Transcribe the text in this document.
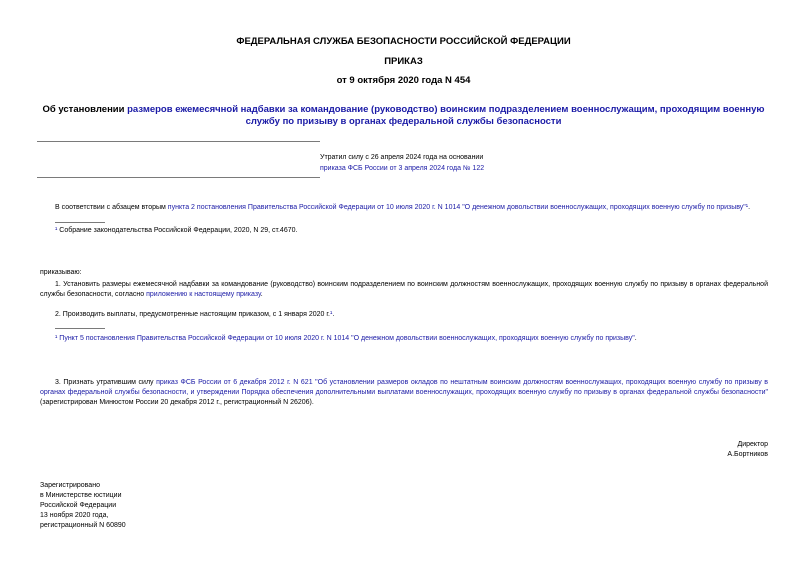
ФЕДЕРАЛЬНАЯ СЛУЖБА БЕЗОПАСНОСТИ РОССИЙСКОЙ ФЕДЕРАЦИИ
ПРИКАЗ
от 9 октября 2020 года N 454
Об установлении размеров ежемесячной надбавки за командование (руководство) воинским подразделением военнослужащим, проходящим военную службу по призыву в органах федеральной службы безопасности
Утратил силу с 26 апреля 2024 года на основании
приказа ФСБ России от 3 апреля 2024 года № 122
В соответствии с абзацем вторым пункта 2 постановления Правительства Российской Федерации от 10 июля 2020 г. N 1014 "О денежном довольствии военнослужащих, проходящих военную службу по призыву"¹.
¹ Собрание законодательства Российской Федерации, 2020, N 29, ст.4670.
приказываю:
1. Установить размеры ежемесячной надбавки за командование (руководство) воинским подразделением по воинским должностям военнослужащих, проходящих военную службу по призыву в органах федеральной службы безопасности, согласно приложению к настоящему приказу.
2. Производить выплаты, предусмотренные настоящим приказом, с 1 января 2020 г.¹.
¹ Пункт 5 постановления Правительства Российской Федерации от 10 июля 2020 г. N 1014 "О денежном довольствии военнослужащих, проходящих военную службу по призыву".
3. Признать утратившим силу приказ ФСБ России от 6 декабря 2012 г. N 621 "Об установлении размеров окладов по нештатным воинским должностям военнослужащих, проходящих военную службу по призыву в органах федеральной службы безопасности, и утверждении Порядка обеспечения дополнительными выплатами военнослужащих, проходящих военную службу по призыву в органах федеральной службы безопасности" (зарегистрирован Минюстом России 20 декабря 2012 г., регистрационный N 26206).
Директор
А.Бортников
Зарегистрировано
в Министерстве юстиции
Российской Федерации
13 ноября 2020 года,
регистрационный N 60890
